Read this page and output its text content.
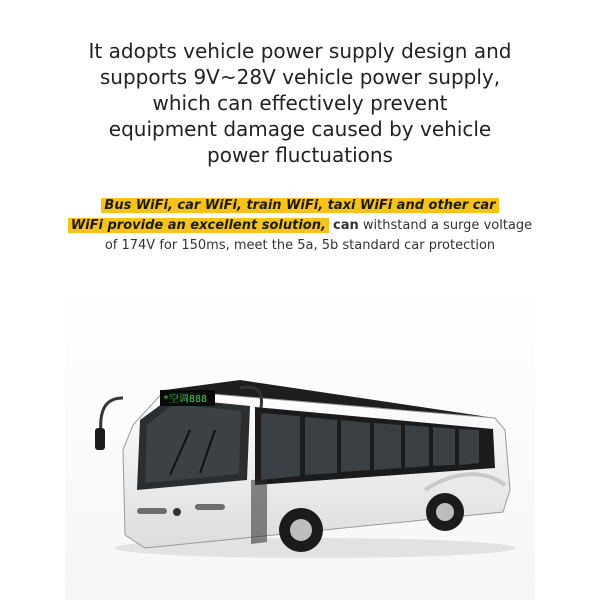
It adopts vehicle power supply design and
supports 9V~28V vehicle power supply,
which can effectively prevent
equipment damage caused by vehicle
power fluctuations
Bus WiFi, car WiFi, train WiFi, taxi WiFi and other car
WiFi provide an excellent solution, can withstand a surge voltage
of 174V for 150ms, meet the 5a, 5b standard car protection
*空调888
